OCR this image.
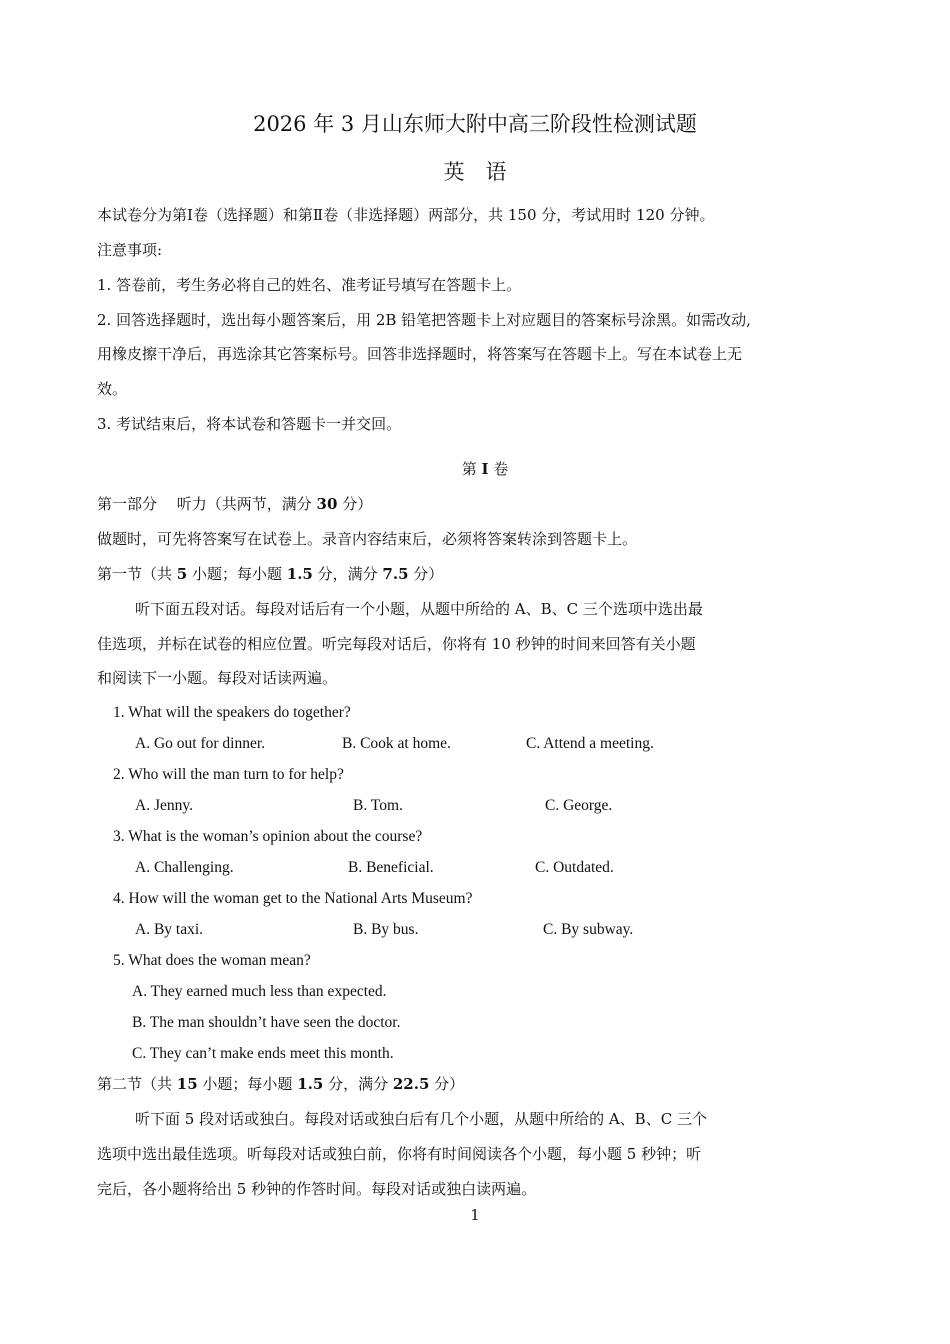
2026 年 3 月山东师大附中高三阶段性检测试题
英　语
本试卷分为第Ⅰ卷（选择题）和第Ⅱ卷（非选择题）两部分，共 150 分，考试用时 120 分钟。
注意事项:
1. 答卷前，考生务必将自己的姓名、准考证号填写在答题卡上。
2. 回答选择题时，选出每小题答案后，用 2B 铅笔把答题卡上对应题目的答案标号涂黑。如需改动,
用橡皮擦干净后，再选涂其它答案标号。回答非选择题时，将答案写在答题卡上。写在本试卷上无
效。
3. 考试结束后，将本试卷和答题卡一并交回。
第 I 卷
第一部分　 听力（共两节，满分 30 分）
做题时，可先将答案写在试卷上。录音内容结束后，必须将答案转涂到答题卡上。
第一节（共 5 小题；每小题 1.5 分，满分 7.5 分）
听下面五段对话。每段对话后有一个小题，从题中所给的 A、B、C 三个选项中选出最
佳选项，并标在试卷的相应位置。听完每段对话后，你将有 10 秒钟的时间来回答有关小题
和阅读下一小题。每段对话读两遍。
1. What will the speakers do together?
A. Go out for dinner.	B. Cook at home.	C. Attend a meeting.
2. Who will the man turn to for help?
A. Jenny.	B. Tom.	C. George.
3. What is the woman’s opinion about the course?
A. Challenging.	B. Beneficial.	C. Outdated.
4. How will the woman get to the National Arts Museum?
A. By taxi.	B. By bus.	C. By subway.
5. What does the woman mean?
A. They earned much less than expected.
B. The man shouldn’t have seen the doctor.
C. They can’t make ends meet this month.
第二节（共 15 小题；每小题 1.5 分，满分 22.5 分）
听下面 5 段对话或独白。每段对话或独白后有几个小题，从题中所给的 A、B、C 三个
选项中选出最佳选项。听每段对话或独白前，你将有时间阅读各个小题，每小题 5 秒钟；听
完后，各小题将给出 5 秒钟的作答时间。每段对话或独白读两遍。
1
